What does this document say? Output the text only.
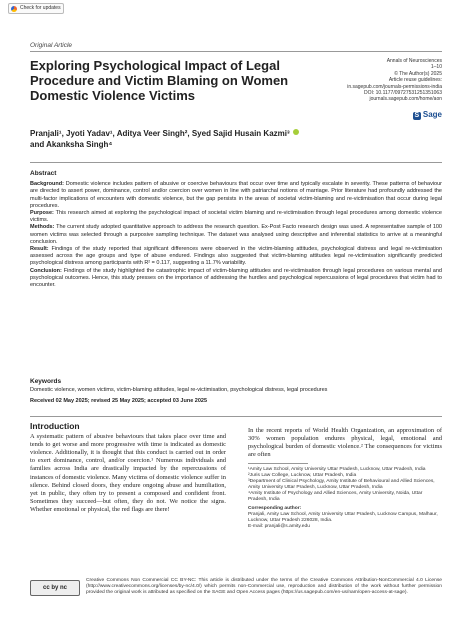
Check for updates
Original Article
Exploring Psychological Impact of Legal Procedure and Victim Blaming on Women Domestic Violence Victims
Annals of Neurosciences
1–10
© The Author(s) 2025
Article reuse guidelines:
in.sagepub.com/journals-permissions-india
DOI: 10.1177/09727531251351063
journals.sagepub.com/home/aon
S Sage
Pranjali¹, Jyoti Yadav¹, Aditya Veer Singh², Syed Sajid Husain Kazmi³
and Akanksha Singh⁴
Abstract

Background: Domestic violence includes pattern of abusive or coercive behaviours that occur over time and typically escalate in severity. These patterns of behaviour are directed to assert power, dominance, control and/or coercion over women in line with patriarchal notions of marriage. Prior literature had profoundly addressed the multi-factor implications of encounters with domestic violence, but the gap persists in the areas of societal victim-blaming and re-victimisation that occur during legal procedures.

Purpose: This research aimed at exploring the psychological impact of societal victim blaming and re-victimisation through legal procedures among domestic violence victims.

Methods: The current study adopted quantitative approach to address the research question. Ex-Post Facto research design was used. A representative sample of 100 women victims was selected through a purposive sampling technique. The dataset was analysed using descriptive and inferential statistics to arrive at a meaningful conclusion.

Result: Findings of the study reported that significant differences were observed in the victim-blaming attitudes, psychological distress and legal re-victimisation assessed across the age groups and type of abuse endured. Findings also suggested that victim-blaming attitudes legal re-victimisation significantly predicted psychological distress among participants with R² = 0.117, suggesting a 11.7% variability.

Conclusion: Findings of the study highlighted the catastrophic impact of victim-blaming attitudes and re-victimisation through legal procedures on various mental and psychological outcomes. Hence, this study presses on the importance of addressing the hurdles and psychological repercussions of legal procedures that victim had to encounter.

Keywords
Domestic violence, women victims, victim-blaming attitudes, legal re-victimisation, psychological distress, legal procedures
Received 02 May 2025; revised 25 May 2025; accepted 03 June 2025
Introduction

A systematic pattern of abusive behaviours that takes place over time and tends to get worse and more progressive with time is indicated as domestic violence. Additionally, it is thought that this conduct is carried out in order to exert dominance, control, and/or coercion.¹ Numerous individuals and families across India are drastically impacted by the repercussions of instances of domestic violence. Many victims of domestic violence suffer in silence. Behind closed doors, they endure ongoing abuse and humiliation, yet in public, they often try to present a composed and confident front. Sometimes they succeed—but often, they do not. We notice the signs. Whether emotional or physical, the red flags are there!

In the recent reports of World Health Organization, an approximation of 30% women population endures physical, legal, emotional and psychological burden of domestic violence.² The consequences for victims are often

¹Amity Law School, Amity University Uttar Pradesh, Lucknow, Uttar Pradesh, India
²Juris Law College, Lucknow, Uttar Pradesh, India
³Department of Clinical Psychology, Amity Institute of Behavioural and Allied Sciences, Amity University Uttar Pradesh, Lucknow, Uttar Pradesh, India
⁴Amity Institute of Psychology and Allied Sciences, Amity University, Noida, Uttar Pradesh, India
Corresponding author:
Pranjali, Amity Law School, Amity University Uttar Pradesh, Lucknow Campus, Malhaur, Lucknow, Uttar Pradesh 226028, India.
E-mail: pranjali@s.amity.edu
cc by nc

Creative Commons Non Commercial CC BY-NC: This article is distributed under the terms of the Creative Commons Attribution-NonCommercial 4.0 License (http://www.creativecommons.org/licenses/by-nc/4.0/) which permits non-Commercial use, reproduction and distribution of the work without further permission provided the original work is attributed as specified on the SAGE and Open Access pages (https://us.sagepub.com/en-us/nam/open-access-at-sage).
